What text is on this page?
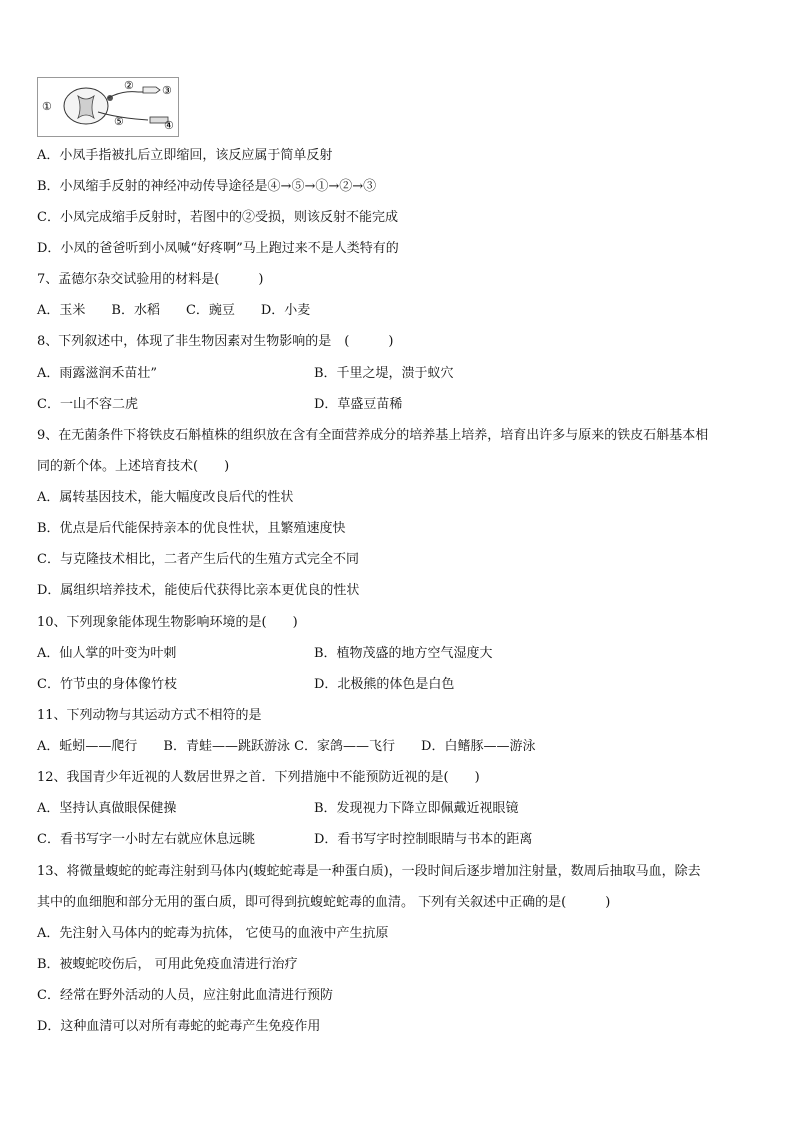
①
②	③
④
⑤
A．小凤手指被扎后立即缩回，该反应属于简单反射
B．小凤缩手反射的神经冲动传导途径是④→⑤→①→②→③
C．小凤完成缩手反射时，若图中的②受损，则该反射不能完成
D．小凤的爸爸听到小凤喊“好疼啊”马上跑过来不是人类特有的
7、孟德尔杂交试验用的材料是(　　　)
A．玉米　　B．水稻　　C．豌豆　　D．小麦
8、下列叙述中，体现了非生物因素对生物影响的是　(　　　)
A．雨露滋润禾苗壮”	B．千里之堤，溃于蚁穴
C．一山不容二虎	D．草盛豆苗稀
9、在无菌条件下将铁皮石斛植株的组织放在含有全面营养成分的培养基上培养，培育出许多与原来的铁皮石斛基本相
同的新个体。上述培育技术(　　)
A．属转基因技术，能大幅度改良后代的性状
B．优点是后代能保持亲本的优良性状，且繁殖速度快
C．与克隆技术相比，二者产生后代的生殖方式完全不同
D．属组织培养技术，能使后代获得比亲本更优良的性状
10、下列现象能体现生物影响环境的是(　　)
A．仙人掌的叶变为叶刺	B．植物茂盛的地方空气湿度大
C．竹节虫的身体像竹枝	D．北极熊的体色是白色
11、下列动物与其运动方式不相符的是
A．蚯蚓——爬行　　B．青蛙——跳跃游泳 C．家鸽——飞行　　D．白鳍豚——游泳
12、我国青少年近视的人数居世界之首．下列措施中不能预防近视的是(　　)
A．坚持认真做眼保健操	B．发现视力下降立即佩戴近视眼镜
C．看书写字一小时左右就应休息远眺	D．看书写字时控制眼睛与书本的距离
13、将微量蝮蛇的蛇毒注射到马体内(蝮蛇蛇毒是一种蛋白质)，一段时间后逐步增加注射量，数周后抽取马血，除去
其中的血细胞和部分无用的蛋白质，即可得到抗蝮蛇蛇毒的血清。 下列有关叙述中正确的是(　　　)
A．先注射入马体内的蛇毒为抗体， 它使马的血液中产生抗原
B．被蝮蛇咬伤后， 可用此免疫血清进行治疗
C．经常在野外活动的人员，应注射此血清进行预防
D．这种血清可以对所有毒蛇的蛇毒产生免疫作用
